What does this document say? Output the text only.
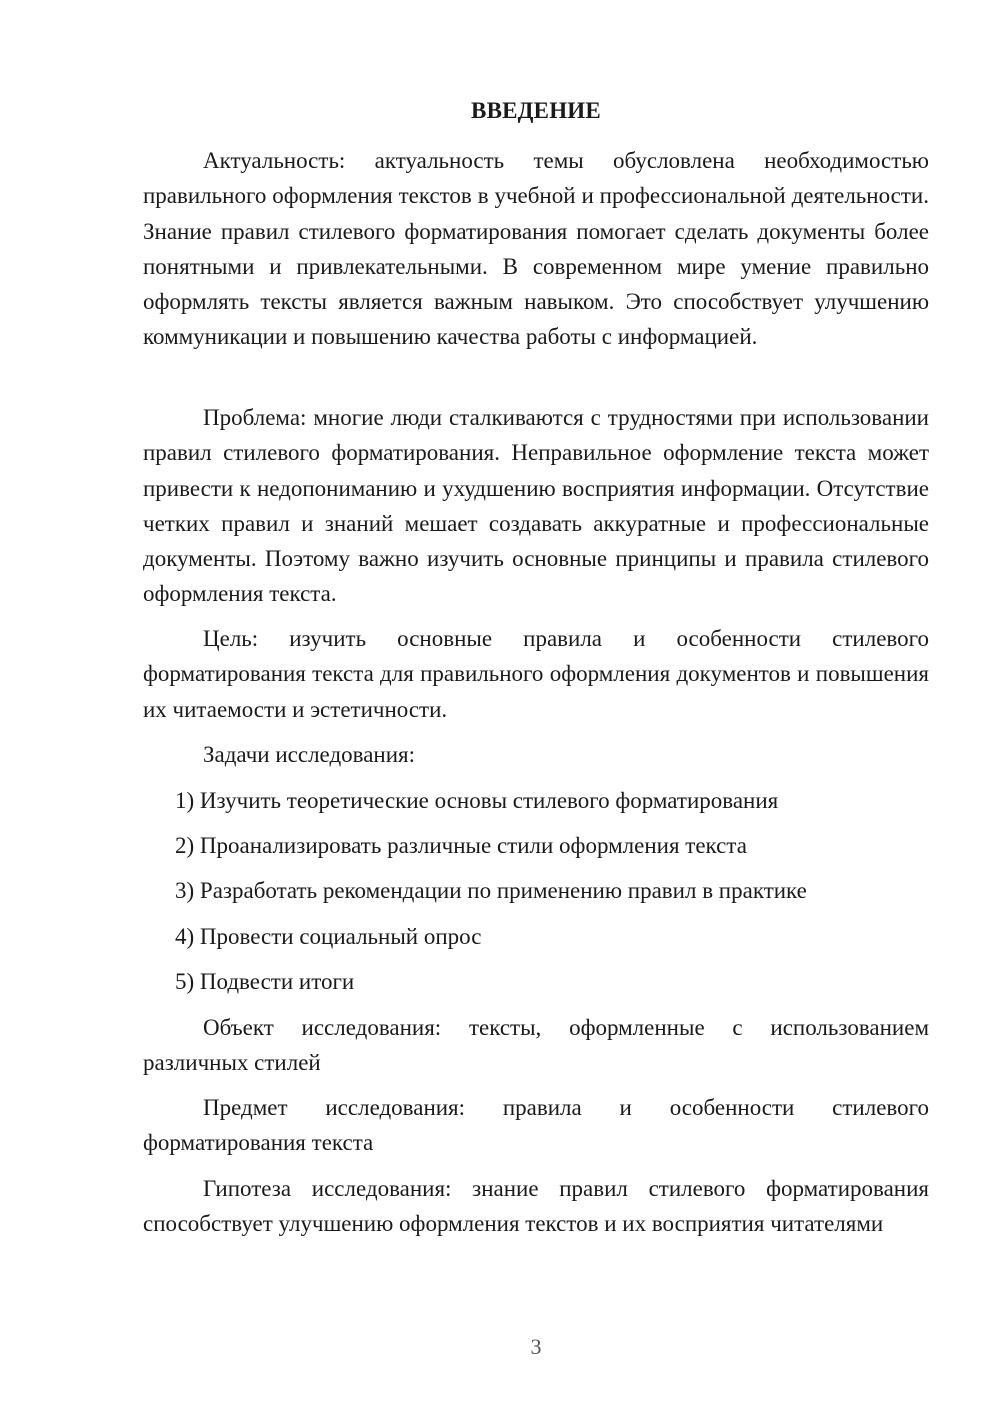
ВВЕДЕНИЕ

Актуальность: актуальность темы обусловлена необходимостью правильного оформления текстов в учебной и профессиональной деятельности. Знание правил стилевого форматирования помогает сделать документы более понятными и привлекательными. В современном мире умение правильно оформлять тексты является важным навыком. Это способствует улучшению коммуникации и повышению качества работы с информацией.

Проблема: многие люди сталкиваются с трудностями при использовании правил стилевого форматирования. Неправильное оформление текста может привести к недопониманию и ухудшению восприятия информации. Отсутствие четких правил и знаний мешает создавать аккуратные и профессиональные документы. Поэтому важно изучить основные принципы и правила стилевого оформления текста.

Цель: изучить основные правила и особенности стилевого форматирования текста для правильного оформления документов и повышения их читаемости и эстетичности.

Задачи исследования:

1) Изучить теоретические основы стилевого форматирования

2) Проанализировать различные стили оформления текста

3) Разработать рекомендации по применению правил в практике

4) Провести социальный опрос

5) Подвести итоги

Объект исследования: тексты, оформленные с использованием различных стилей

Предмет исследования: правила и особенности стилевого форматирования текста

Гипотеза исследования: знание правил стилевого форматирования способствует улучшению оформления текстов и их восприятия читателями

3
